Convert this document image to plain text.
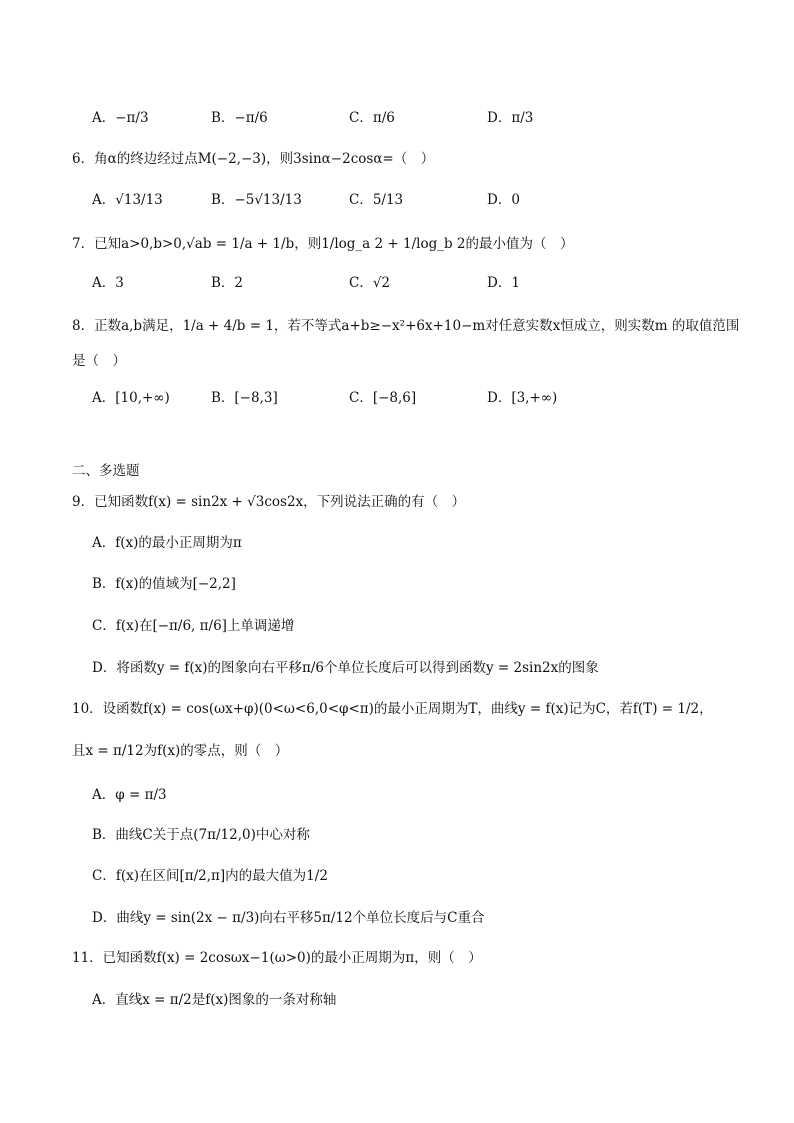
A．−π/3	B．−π/6	C．π/6	D．π/3
6．角α的终边经过点M(−2,−3)，则3sinα−2cosα=（　）
A．√13/13	B．−5√13/13	C．5/13	D．0
7．已知a>0,b>0,√ab = 1/a + 1/b，则1/log_a 2 + 1/log_b 2的最小值为（　）
A．3	B．2	C．√2	D．1
8．正数a,b满足，1/a + 4/b = 1，若不等式a+b≥−x²+6x+10−m对任意实数x恒成立，则实数m 的取值范围
是（　）
A．[10,+∞)	B．[−8,3]	C．[−8,6]	D．[3,+∞)
二、多选题
9．已知函数f(x) = sin2x + √3cos2x，下列说法正确的有（　）
A．f(x)的最小正周期为π
B．f(x)的值域为[−2,2]
C．f(x)在[−π/6, π/6]上单调递增
D．将函数y = f(x)的图象向右平移π/6个单位长度后可以得到函数y = 2sin2x的图象
10．设函数f(x) = cos(ωx+φ)(0<ω<6,0<φ<π)的最小正周期为T，曲线y = f(x)记为C，若f(T) = 1/2，
且x = π/12为f(x)的零点，则（　）
A．φ = π/3
B．曲线C关于点(7π/12,0)中心对称
C．f(x)在区间[π/2,π]内的最大值为1/2
D．曲线y = sin(2x − π/3)向右平移5π/12个单位长度后与C重合
11．已知函数f(x) = 2cosωx−1(ω>0)的最小正周期为π，则（　）
A．直线x = π/2是f(x)图象的一条对称轴
